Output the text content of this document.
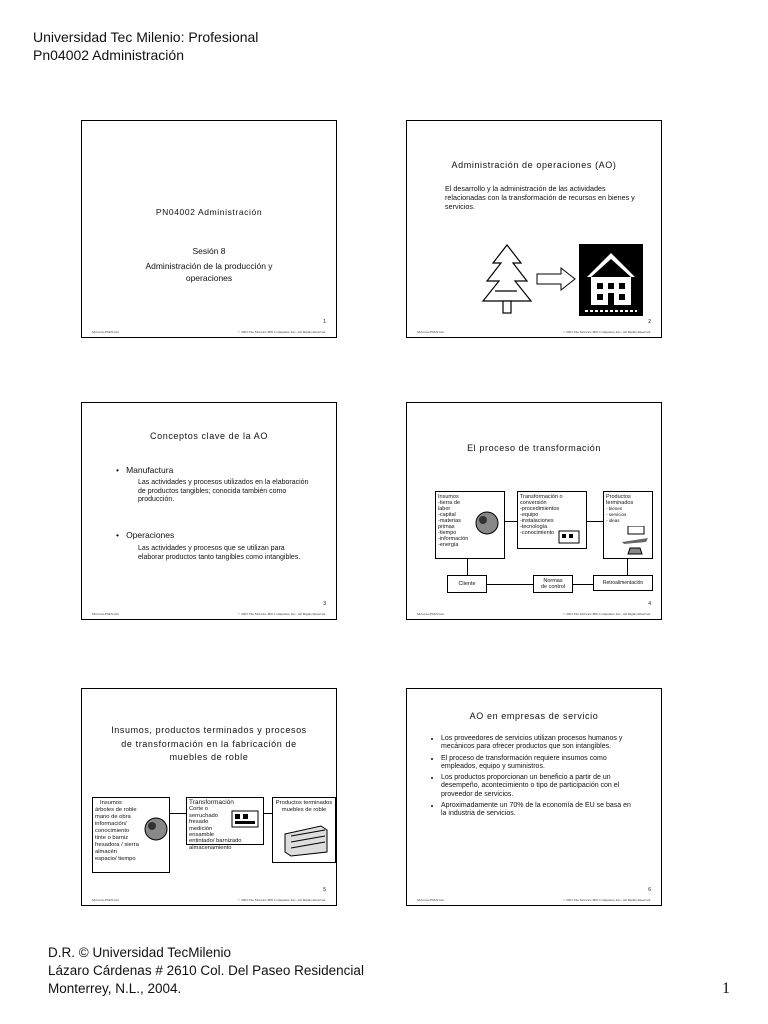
Universidad Tec Milenio: Profesional
Pn04002 Administración
PN04002 Administración
Sesión 8
Administración de la producción y
operaciones
1
McGraw-Hill/Irwin	© 2003 The McGraw-Hill Companies, Inc., All Rights Reserved.
Administración de operaciones (AO)
El desarrollo y la administración de las actividades relacionadas con la transformación de recursos en bienes y servicios.
2
McGraw-Hill/Irwin	© 2003 The McGraw-Hill Companies, Inc., All Rights Reserved.
Conceptos clave de la AO
•   Manufactura
Las actividades y procesos utilizados en la elaboración de productos tangibles; conocida también como producción.
•   Operaciones
Las actividades y procesos que se utilizan para elaborar productos tanto tangibles como intangibles.
3
McGraw-Hill/Irwin	© 2003 The McGraw-Hill Companies, Inc., All Rights Reserved.
El proceso de transformación
Insumos
-tierra de
labor
-capital
-materias
primas
-tiempo
-información
-energía
Transformación o
conversión
-procedimientos
-equipo
-instalaciones
-tecnología
-conocimiento
Productos
terminados
- bienes
- servicios
- ideas
Cliente	Normas
de control
Retroalimentación
4
McGraw-Hill/Irwin	© 2003 The McGraw-Hill Companies, Inc., All Rights Reserved.
Insumos, productos terminados y procesos
de transformación en la fabricación de
muebles de roble
Insumos
árboles de roble
mano de obra
información/
conocimiento
tinte o barniz
fresadora / sierra
almacén
espacio/ tiempo
Transformación
Corte o
serruchado
fresado
medición
ensamble
entintado/ barnizado
almacenamiento
Productos terminados
muebles de roble
5
McGraw-Hill/Irwin	© 2003 The McGraw-Hill Companies, Inc., All Rights Reserved.
AO en empresas de servicio
• Los proveedores de servicios utilizan procesos humanos y mecánicos para ofrecer productos que son intangibles.
• El proceso de transformación requiere insumos como empleados, equipo y suministros.
• Los productos proporcionan un beneficio a partir de un desempeño, acontecimiento o tipo de participación con el proveedor de servicios.
• Aproximadamente un 70% de la economía de EU se basa en la industria de servicios.
6
McGraw-Hill/Irwin	© 2003 The McGraw-Hill Companies, Inc., All Rights Reserved.
D.R. © Universidad TecMilenio
Lázaro Cárdenas # 2610 Col. Del Paseo Residencial
Monterrey, N.L., 2004.	1
